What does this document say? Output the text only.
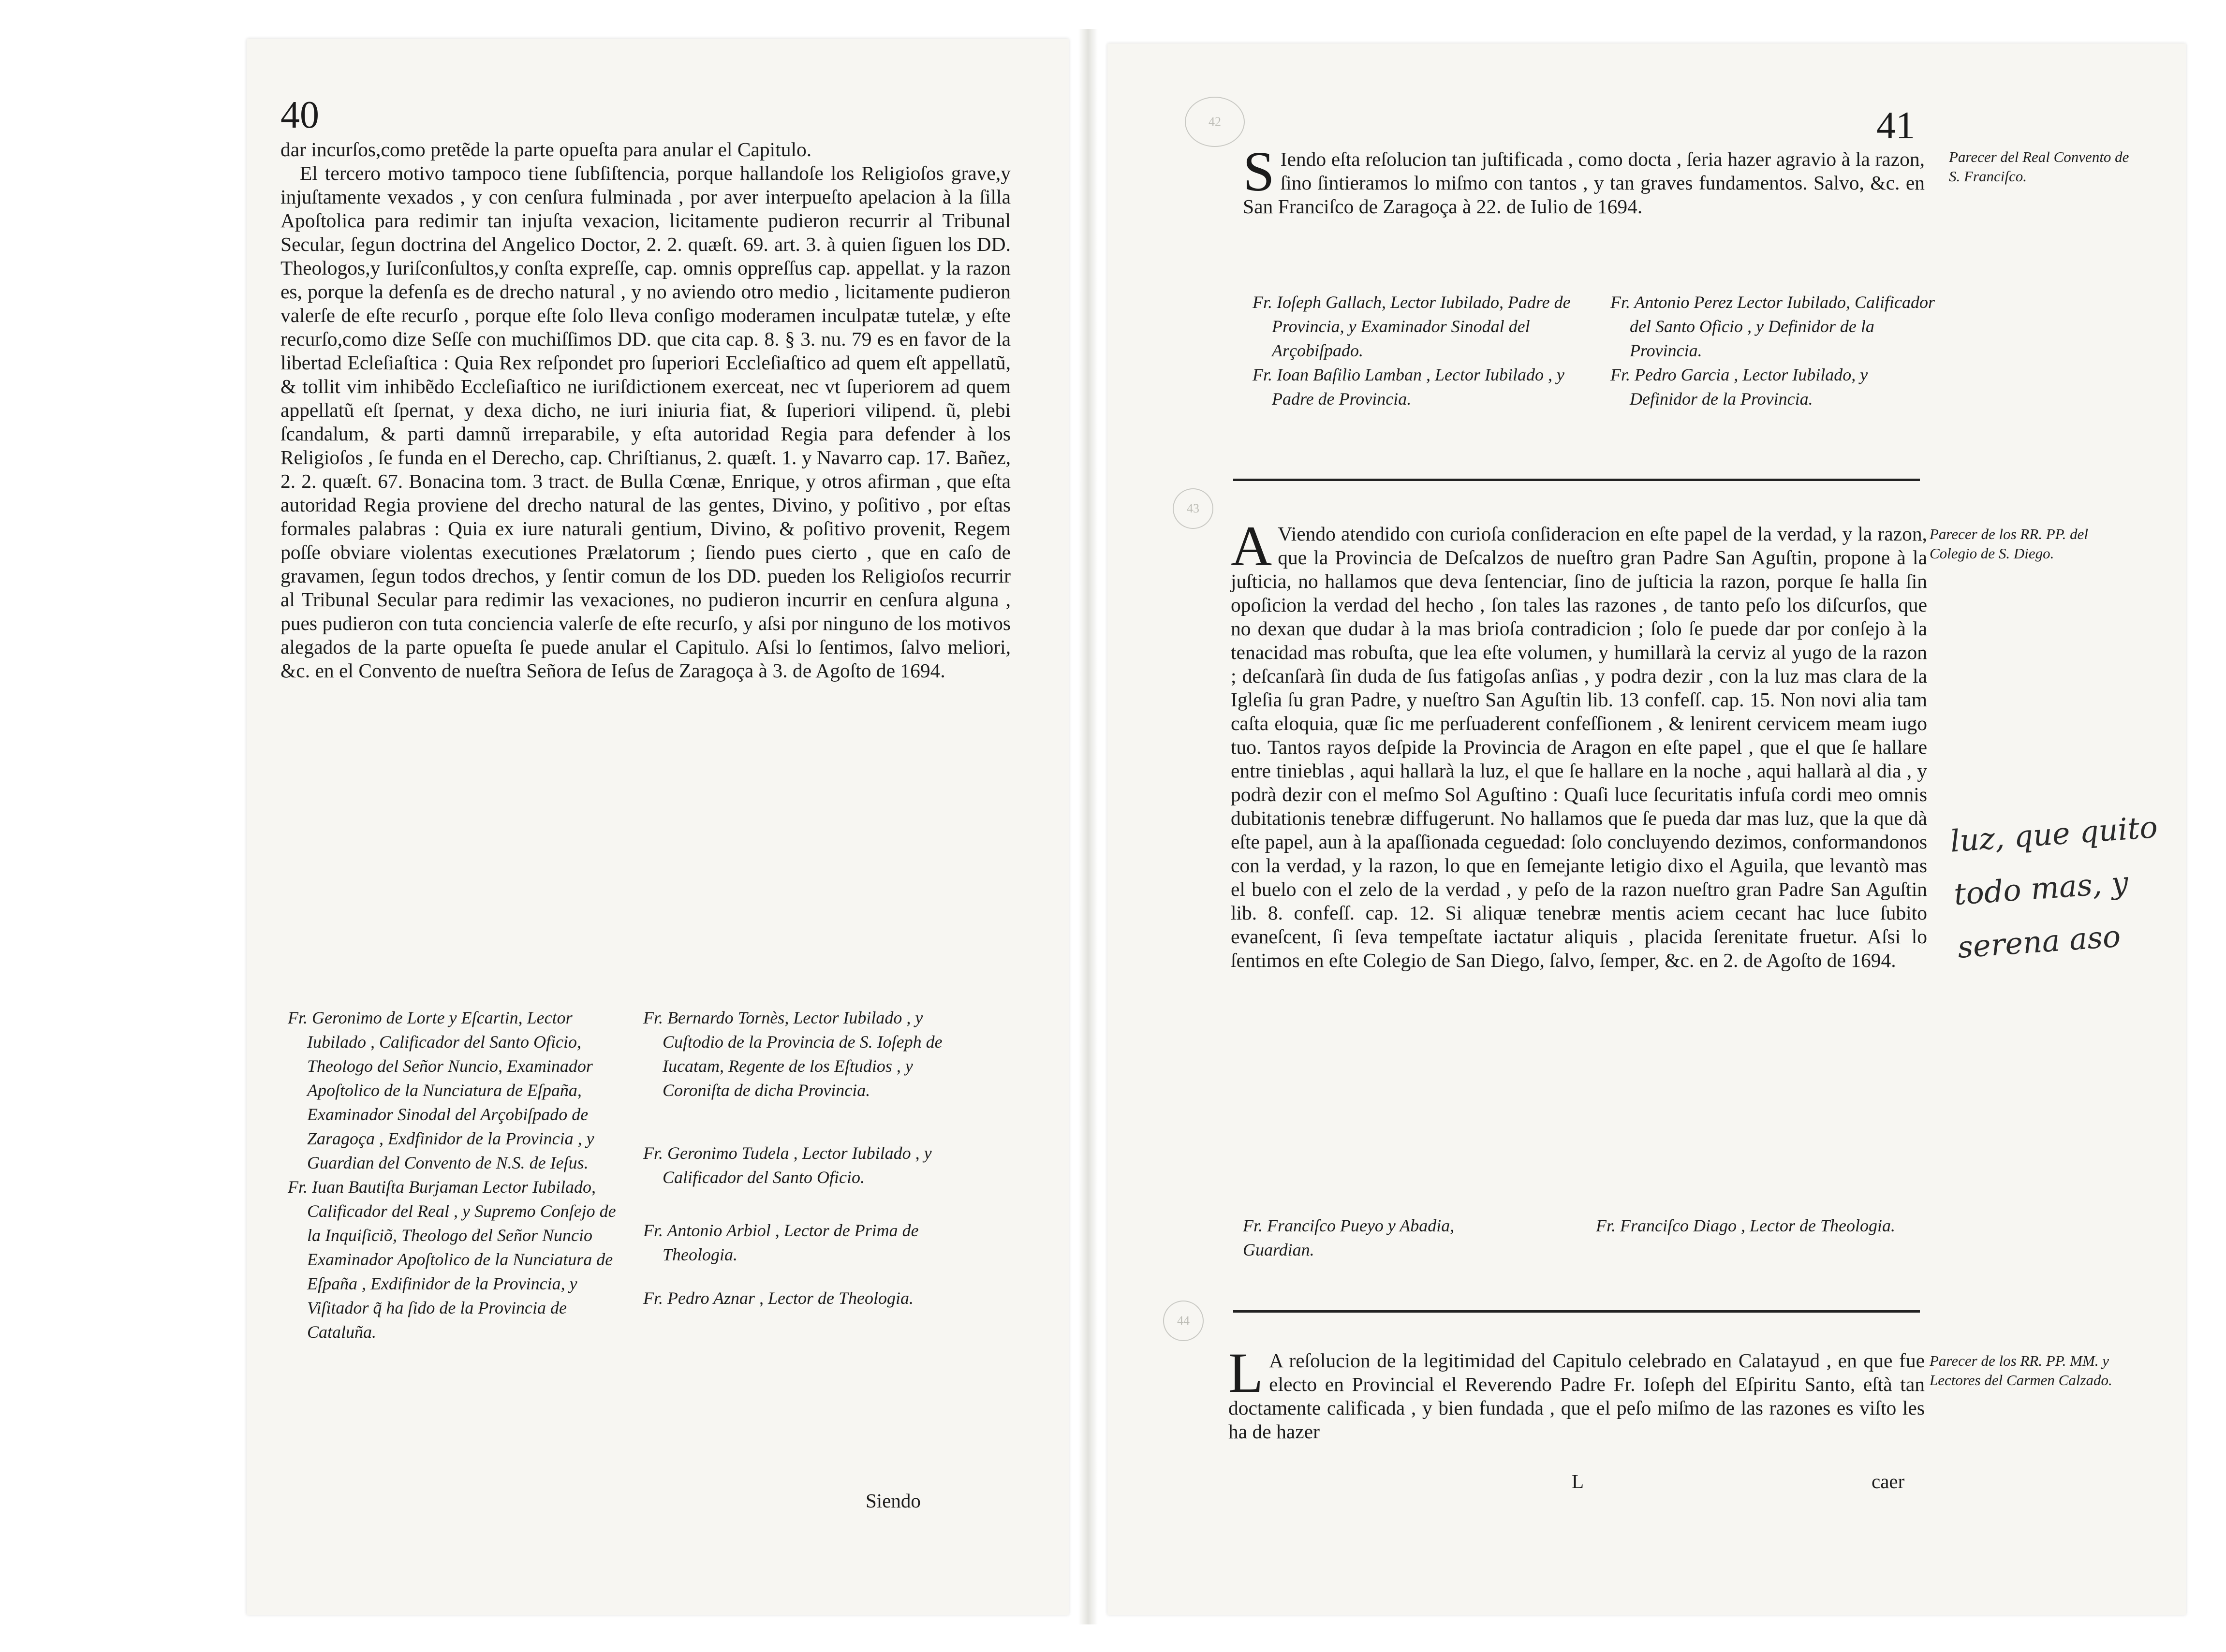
40

dar incurſos,como pretẽde la parte opueſta para anular el Capitulo.

El tercero motivo tampoco tiene ſubſiſtencia, porque hallandoſe los Religioſos grave,y injuſtamente vexados , y con cenſura fulminada , por aver interpueſto apelacion à la ſilla Apoſtolica para redimir tan injuſta vexacion, licitamente pudieron recurrir al Tribunal Secular, ſegun doctrina del Angelico Doctor, 2. 2. quæſt. 69. art. 3. à quien ſiguen los DD. Theologos,y Iuriſconſultos,y conſta expreſſe, cap. omnis oppreſſus cap. appellat. y la razon es, porque la defenſa es de drecho natural , y no aviendo otro medio , licitamente pudieron valerſe de eſte recurſo , porque eſte ſolo lleva conſigo moderamen inculpatæ tutelæ, y eſte recurſo,como dize Seſſe con muchiſſimos DD. que cita cap. 8. § 3. nu. 79 es en favor de la libertad Ecleſiaſtica : Quia Rex reſpondet pro ſuperiori Eccleſiaſtico ad quem eſt appellatũ, & tollit vim inhibẽdo Eccleſiaſtico ne iuriſdictionem exerceat, nec vt ſuperiorem ad quem appellatũ eſt ſpernat, y dexa dicho, ne iuri iniuria fiat, & ſuperiori vilipend. ũ, plebi ſcandalum, & parti damnũ irreparabile, y eſta autoridad Regia para defender à los Religioſos , ſe funda en el Derecho, cap. Chriſtianus, 2. quæſt. 1. y Navarro cap. 17. Bañez, 2. 2. quæſt. 67. Bonacina tom. 3 tract. de Bulla Cœnæ, Enrique, y otros afirman , que eſta autoridad Regia proviene del drecho natural de las gentes, Divino, y poſitivo , por eſtas formales palabras : Quia ex iure naturali gentium, Divino, & poſitivo provenit, Regem poſſe obviare violentas executiones Prælatorum ; ſiendo pues cierto , que en caſo de gravamen, ſegun todos drechos, y ſentir comun de los DD. pueden los Religioſos recurrir al Tribunal Secular para redimir las vexaciones, no pudieron incurrir en cenſura alguna , pues pudieron con tuta conciencia valerſe de eſte recurſo, y aſsi por ninguno de los motivos alegados de la parte opueſta ſe puede anular el Capitulo. Aſsi lo ſentimos, ſalvo meliori, &c. en el Convento de nueſtra Señora de Ieſus de Zaragoça à 3. de Agoſto de 1694.

Fr. Geronimo de Lorte y Eſcartin, Lector Iubilado , Calificador del Santo Oficio, Theologo del Señor Nuncio, Examinador Apoſtolico de la Nunciatura de Eſpaña, Examinador Sinodal del Arçobiſpado de Zaragoça , Exdfinidor de la Provincia , y Guardian del Convento de N.S. de Ieſus.

Fr. Iuan Bautiſta Burjaman Lector Iubilado, Calificador del Real , y Supremo Conſejo de la Inquiſiciõ, Theologo del Señor Nuncio Examinador Apoſtolico de la Nunciatura de Eſpaña , Exdifinidor de la Provincia, y Viſitador q̃ ha ſido de la Provincia de Cataluña.

Fr. Bernardo Tornès, Lector Iubilado , y Cuſtodio de la Provincia de S. Ioſeph de Iucatam, Regente de los Eſtudios , y Coroniſta de dicha Provincia.

Fr. Geronimo Tudela , Lector Iubilado , y Calificador del Santo Oficio.

Fr. Antonio Arbiol , Lector de Prima de Theologia.

Fr. Pedro Aznar , Lector de Theologia.

Siendo
42
43
44
41
S Iendo eſta reſolucion tan juſtificada , como docta , ſeria hazer agravio à la razon, ſino ſintieramos lo miſmo con tantos , y tan graves fundamentos. Salvo, &c. en San Franciſco de Zaragoça à 22. de Iulio de 1694.
Parecer del Real Convento de S. Franciſco.

Fr. Ioſeph Gallach, Lector Iubilado, Padre de Provincia, y Examinador Sinodal del Arçobiſpado.

Fr. Ioan Baſilio Lamban , Lector Iubilado , y Padre de Provincia.

Fr. Antonio Perez Lector Iubilado, Calificador del Santo Oficio , y Definidor de la Provincia.

Fr. Pedro Garcia , Lector Iubilado, y Definidor de la Provincia.

A Viendo atendido con curioſa conſideracion en eſte papel de la verdad, y la razon, que la Provincia de Deſcalzos de nueſtro gran Padre San Aguſtin, propone à la juſticia, no hallamos que deva ſentenciar, ſino de juſticia la razon, porque ſe halla ſin opoſicion la verdad del hecho , ſon tales las razones , de tanto peſo los diſcurſos, que no dexan que dudar à la mas brioſa contradicion ; ſolo ſe puede dar por conſejo à la tenacidad mas robuſta, que lea eſte volumen, y humillarà la cerviz al yugo de la razon ; deſcanſarà ſin duda de ſus fatigoſas anſias , y podra dezir , con la luz mas clara de la Igleſia ſu gran Padre, y nueſtro San Aguſtin lib. 13 confeſſ. cap. 15. Non novi alia tam caſta eloquia, quæ ſic me perſuaderent confeſſionem , & lenirent cervicem meam iugo tuo. Tantos rayos deſpide la Provincia de Aragon en eſte papel , que el que ſe hallare entre tinieblas , aqui hallarà la luz, el que ſe hallare en la noche , aqui hallarà al dia , y podrà dezir con el meſmo Sol Aguſtino : Quaſi luce ſecuritatis infuſa cordi meo omnis dubitationis tenebræ diffugerunt. No hallamos que ſe pueda dar mas luz, que la que dà eſte papel, aun à la apaſſionada ceguedad: ſolo concluyendo dezimos, conformandonos con la verdad, y la razon, lo que en ſemejante letigio dixo el Aguila, que levantò mas el buelo con el zelo de la verdad , y peſo de la razon nueſtro gran Padre San Aguſtin lib. 8. confeſſ. cap. 12. Si aliquæ tenebræ mentis aciem cecant hac luce ſubito evaneſcent, ſi ſeva tempeſtate iactatur aliquis , placida ſerenitate fruetur. Aſsi lo ſentimos en eſte Colegio de San Diego, ſalvo, ſemper, &c. en 2. de Agoſto de 1694.
Parecer de los RR. PP. del Colegio de S. Diego.
Fr. Franciſco Pueyo y Abadia, Guardian.
Fr. Franciſco Diago , Lector de Theologia.
luz, que quito todo mas, y serena aso
L A reſolucion de la legitimidad del Capitulo celebrado en Calatayud , en que fue electo en Provincial el Reverendo Padre Fr. Ioſeph del Eſpiritu Santo, eſtà tan doctamente calificada , y bien fundada , que el peſo miſmo de las razones es viſto les ha de hazer
Parecer de los RR. PP. MM. y Lectores del Carmen Calzado.
L	caer
